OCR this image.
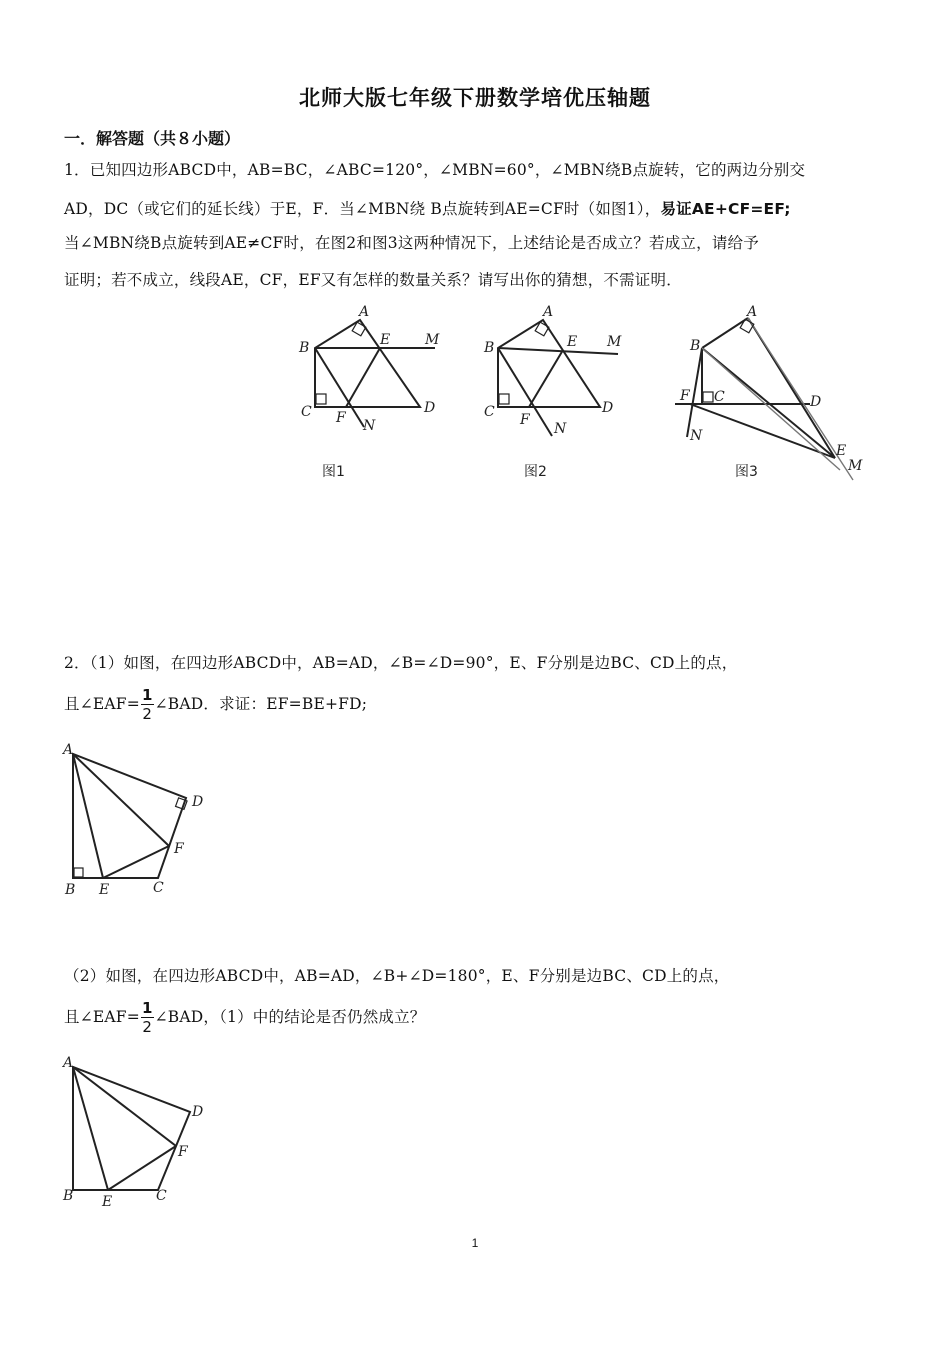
北师大版七年级下册数学培优压轴题
一．解答题（共８小题）
1．已知四边形ABCD中，AB=BC，∠ABC=120°，∠MBN=60°，∠MBN绕B点旋转，它的两边分别交
AD，DC（或它们的延长线）于E，F．当∠MBN绕 B点旋转到AE=CF时（如图1），易证AE+CF=EF;
当∠MBN绕B点旋转到AE≠CF时，在图2和图3这两种情况下，上述结论是否成立？若成立，请给予
证明；若不成立，线段AE，CF，EF又有怎样的数量关系？请写出你的猜想，不需证明．
A
B
C	D
E
F
M
N
图1
A
B
C	D
E
F
M
N
图2
A
B
C	D
E
F
M
N
图3
2．（1）如图，在四边形ABCD中，AB=AD，∠B=∠D=90°，E、F分别是边BC、CD上的点，
且∠EAF= $\frac{1}{2}$ ∠BAD．求证：EF=BE+FD;
A
B E	C
D
F
（2）如图，在四边形ABCD中，AB=AD，∠B+∠D=180°，E、F分别是边BC、CD上的点，
且∠EAF= $\frac{1}{2}$ ∠BAD，（1）中的结论是否仍然成立？
A
B E	C
D
F
1
